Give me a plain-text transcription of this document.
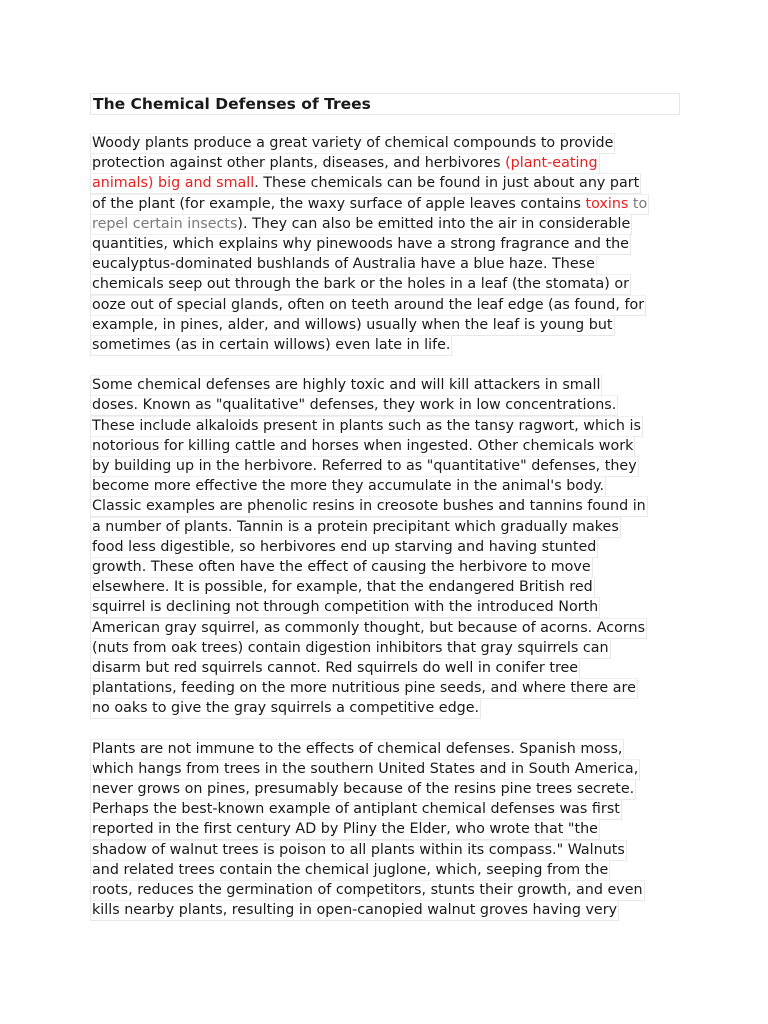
The Chemical Defenses of Trees
Woody plants produce a great variety of chemical compounds to provide
protection against other plants, diseases, and herbivores (plant-eating
animals) big and small. These chemicals can be found in just about any part
of the plant (for example, the waxy surface of apple leaves contains toxins to
repel certain insects). They can also be emitted into the air in considerable
quantities, which explains why pinewoods have a strong fragrance and the
eucalyptus-dominated bushlands of Australia have a blue haze. These
chemicals seep out through the bark or the holes in a leaf (the stomata) or
ooze out of special glands, often on teeth around the leaf edge (as found, for
example, in pines, alder, and willows) usually when the leaf is young but
sometimes (as in certain willows) even late in life.
Some chemical defenses are highly toxic and will kill attackers in small
doses. Known as "qualitative" defenses, they work in low concentrations.
These include alkaloids present in plants such as the tansy ragwort, which is
notorious for killing cattle and horses when ingested. Other chemicals work
by building up in the herbivore. Referred to as "quantitative" defenses, they
become more effective the more they accumulate in the animal's body.
Classic examples are phenolic resins in creosote bushes and tannins found in
a number of plants. Tannin is a protein precipitant which gradually makes
food less digestible, so herbivores end up starving and having stunted
growth. These often have the effect of causing the herbivore to move
elsewhere. It is possible, for example, that the endangered British red
squirrel is declining not through competition with the introduced North
American gray squirrel, as commonly thought, but because of acorns. Acorns
(nuts from oak trees) contain digestion inhibitors that gray squirrels can
disarm but red squirrels cannot. Red squirrels do well in conifer tree
plantations, feeding on the more nutritious pine seeds, and where there are
no oaks to give the gray squirrels a competitive edge.
Plants are not immune to the effects of chemical defenses. Spanish moss,
which hangs from trees in the southern United States and in South America,
never grows on pines, presumably because of the resins pine trees secrete.
Perhaps the best-known example of antiplant chemical defenses was first
reported in the first century AD by Pliny the Elder, who wrote that "the
shadow of walnut trees is poison to all plants within its compass." Walnuts
and related trees contain the chemical juglone, which, seeping from the
roots, reduces the germination of competitors, stunts their growth, and even
kills nearby plants, resulting in open-canopied walnut groves having very
